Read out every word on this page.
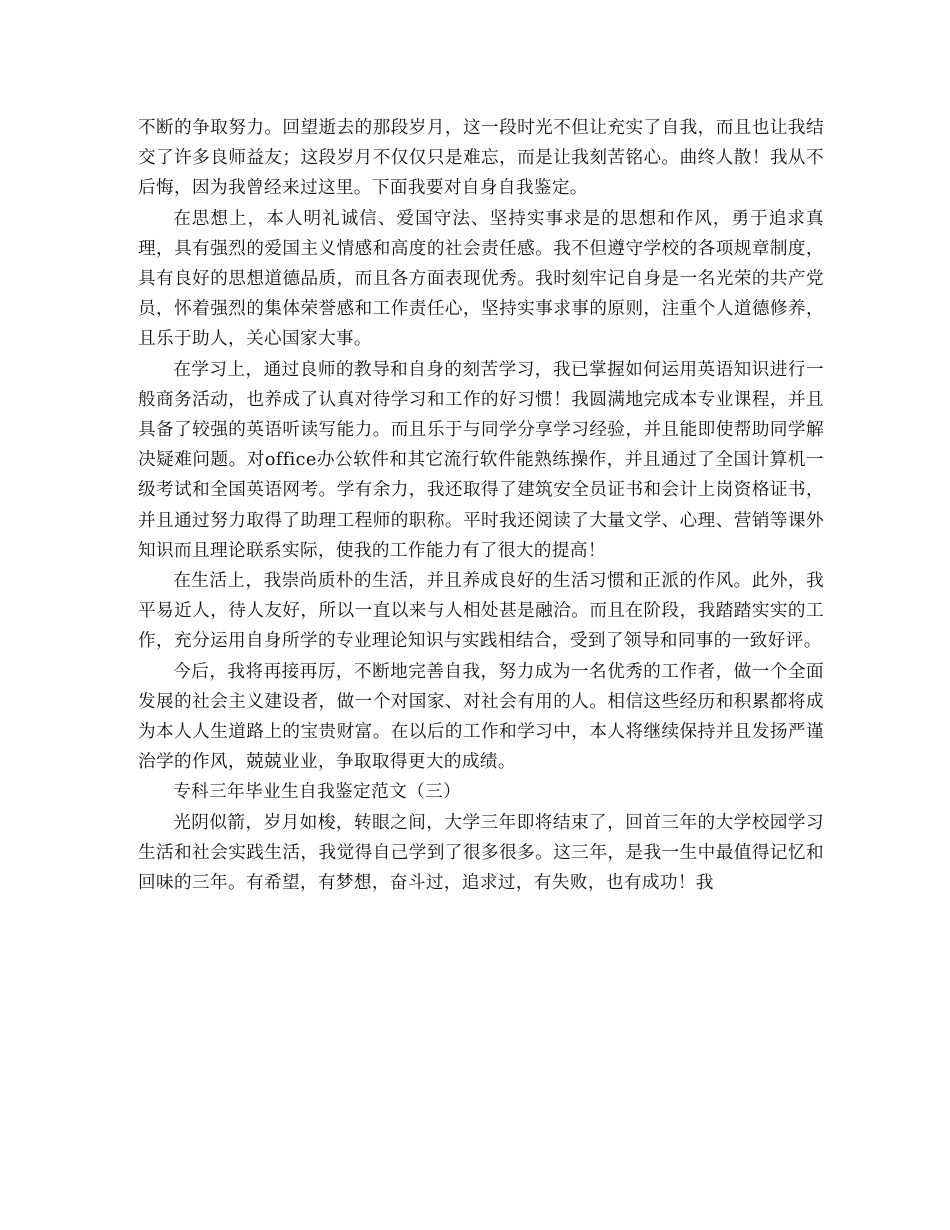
不断的争取努力。回望逝去的那段岁月，这一段时光不但让充实了自我，而且也让我结交了许多良师益友；这段岁月不仅仅只是难忘，而是让我刻苦铭心。曲终人散！我从不后悔，因为我曾经来过这里。下面我要对自身自我鉴定。

在思想上，本人明礼诚信、爱国守法、坚持实事求是的思想和作风，勇于追求真理，具有强烈的爱国主义情感和高度的社会责任感。我不但遵守学校的各项规章制度，具有良好的思想道德品质，而且各方面表现优秀。我时刻牢记自身是一名光荣的共产党员，怀着强烈的集体荣誉感和工作责任心，坚持实事求事的原则，注重个人道德修养，且乐于助人，关心国家大事。

在学习上，通过良师的教导和自身的刻苦学习，我已掌握如何运用英语知识进行一般商务活动，也养成了认真对待学习和工作的好习惯！我圆满地完成本专业课程，并且具备了较强的英语听读写能力。而且乐于与同学分享学习经验，并且能即使帮助同学解决疑难问题。对office办公软件和其它流行软件能熟练操作，并且通过了全国计算机一级考试和全国英语网考。学有余力，我还取得了建筑安全员证书和会计上岗资格证书，并且通过努力取得了助理工程师的职称。平时我还阅读了大量文学、心理、营销等课外知识而且理论联系实际，使我的工作能力有了很大的提高！

在生活上，我崇尚质朴的生活，并且养成良好的生活习惯和正派的作风。此外，我平易近人，待人友好，所以一直以来与人相处甚是融洽。而且在阶段，我踏踏实实的工作，充分运用自身所学的专业理论知识与实践相结合，受到了领导和同事的一致好评。

今后，我将再接再厉，不断地完善自我，努力成为一名优秀的工作者，做一个全面发展的社会主义建设者，做一个对国家、对社会有用的人。相信这些经历和积累都将成为本人人生道路上的宝贵财富。在以后的工作和学习中，本人将继续保持并且发扬严谨治学的作风，兢兢业业，争取取得更大的成绩。

专科三年毕业生自我鉴定范文（三）

光阴似箭，岁月如梭，转眼之间，大学三年即将结束了，回首三年的大学校园学习生活和社会实践生活，我觉得自己学到了很多很多。这三年，是我一生中最值得记忆和回味的三年。有希望，有梦想，奋斗过，追求过，有失败，也有成功！我
